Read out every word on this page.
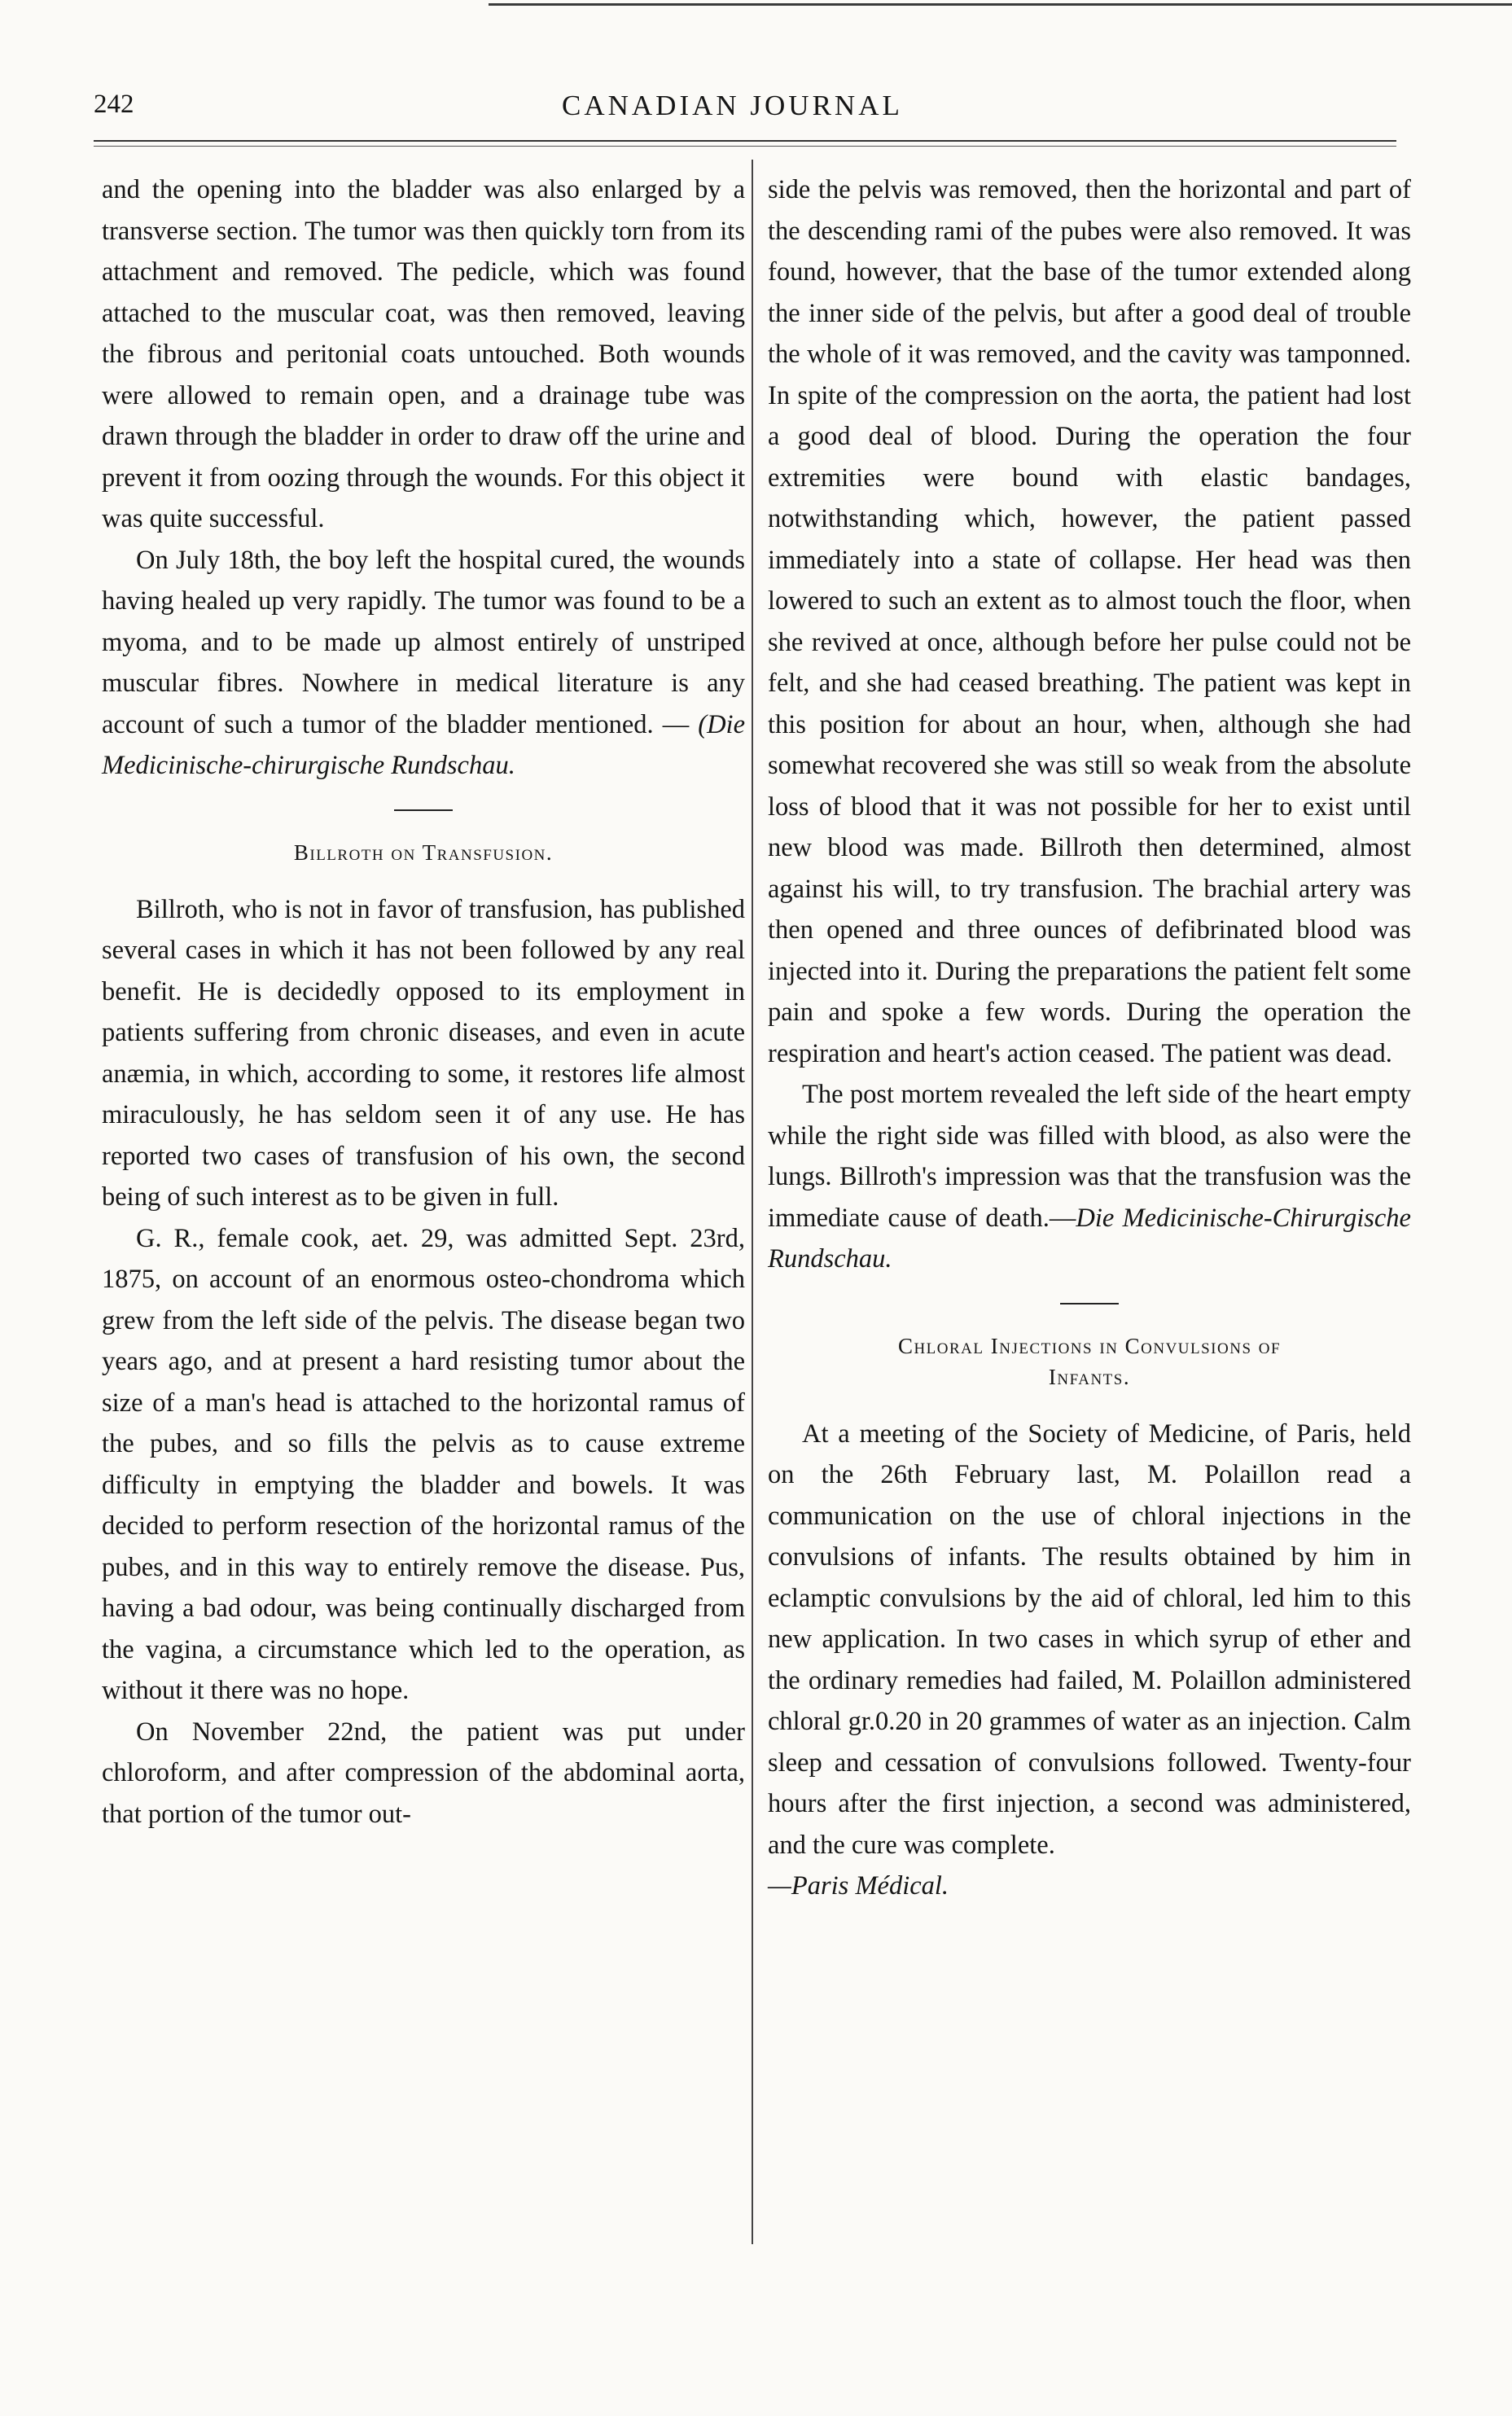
242	CANADIAN JOURNAL

and the opening into the bladder was also enlarged by a transverse section. The tumor was then quickly torn from its attachment and removed. The pedicle, which was found attached to the muscular coat, was then removed, leaving the fibrous and peritonial coats untouched. Both wounds were allowed to remain open, and a drainage tube was drawn through the bladder in order to draw off the urine and prevent it from oozing through the wounds. For this object it was quite successful.

On July 18th, the boy left the hospital cured, the wounds having healed up very rapidly. The tumor was found to be a myoma, and to be made up almost entirely of unstriped muscular fibres. Nowhere in medical literature is any account of such a tumor of the bladder mentioned. — (Die Medicinische-chirurgische Rundschau.

Billroth on Transfusion.

Billroth, who is not in favor of transfusion, has published several cases in which it has not been followed by any real benefit. He is decidedly opposed to its employment in patients suffering from chronic diseases, and even in acute anæmia, in which, according to some, it restores life almost miraculously, he has seldom seen it of any use. He has reported two cases of transfusion of his own, the second being of such interest as to be given in full.

G. R., female cook, aet. 29, was admitted Sept. 23rd, 1875, on account of an enormous osteo-chondroma which grew from the left side of the pelvis. The disease began two years ago, and at present a hard resisting tumor about the size of a man's head is attached to the horizontal ramus of the pubes, and so fills the pelvis as to cause extreme difficulty in emptying the bladder and bowels. It was decided to perform resection of the horizontal ramus of the pubes, and in this way to entirely remove the disease. Pus, having a bad odour, was being continually discharged from the vagina, a circumstance which led to the operation, as without it there was no hope.

On November 22nd, the patient was put under chloroform, and after compression of the abdominal aorta, that portion of the tumor out-

side the pelvis was removed, then the horizontal and part of the descending rami of the pubes were also removed. It was found, however, that the base of the tumor extended along the inner side of the pelvis, but after a good deal of trouble the whole of it was removed, and the cavity was tamponned. In spite of the compression on the aorta, the patient had lost a good deal of blood. During the operation the four extremities were bound with elastic bandages, notwithstanding which, however, the patient passed immediately into a state of collapse. Her head was then lowered to such an extent as to almost touch the floor, when she revived at once, although before her pulse could not be felt, and she had ceased breathing. The patient was kept in this position for about an hour, when, although she had somewhat recovered she was still so weak from the absolute loss of blood that it was not possible for her to exist until new blood was made. Billroth then determined, almost against his will, to try transfusion. The brachial artery was then opened and three ounces of defibrinated blood was injected into it. During the preparations the patient felt some pain and spoke a few words. During the operation the respiration and heart's action ceased. The patient was dead.

The post mortem revealed the left side of the heart empty while the right side was filled with blood, as also were the lungs. Billroth's impression was that the transfusion was the immediate cause of death.—Die Medicinische-Chirurgische Rundschau.

Chloral Injections in Convulsions of
Infants.

At a meeting of the Society of Medicine, of Paris, held on the 26th February last, M. Polaillon read a communication on the use of chloral injections in the convulsions of infants. The results obtained by him in eclamptic convulsions by the aid of chloral, led him to this new application. In two cases in which syrup of ether and the ordinary remedies had failed, M. Polaillon administered chloral gr.0.20 in 20 grammes of water as an injection. Calm sleep and cessation of convulsions followed. Twenty-four hours after the first injection, a second was administered, and the cure was complete.

—Paris Médical.
